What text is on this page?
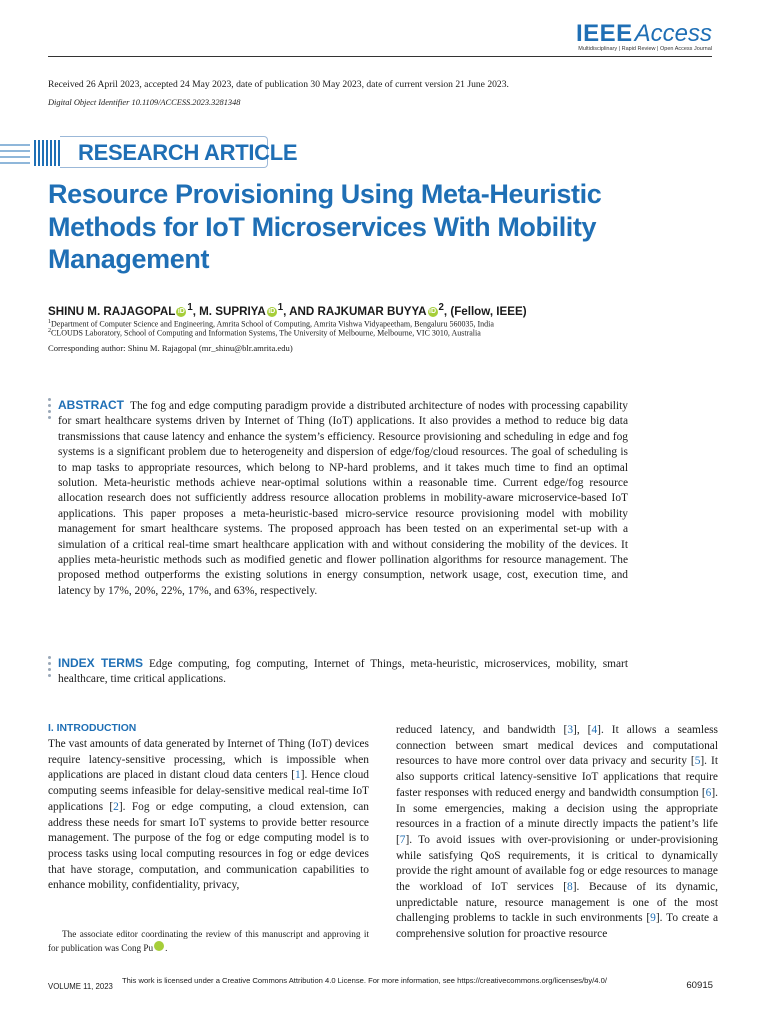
IEEEAccess
Multidisciplinary | Rapid Review | Open Access Journal
Received 26 April 2023, accepted 24 May 2023, date of publication 30 May 2023, date of current version 21 June 2023.
Digital Object Identifier 10.1109/ACCESS.2023.3281348
RESEARCH ARTICLE
Resource Provisioning Using Meta-Heuristic Methods for IoT Microservices With Mobility Management
SHINU M. RAJAGOPAL iD $^1$, M. SUPRIYA iD $^1$, AND RAJKUMAR BUYYA iD $^2$, (Fellow, IEEE)
$^1$Department of Computer Science and Engineering, Amrita School of Computing, Amrita Vishwa Vidyapeetham, Bengaluru 560035, India
$^2$CLOUDS Laboratory, School of Computing and Information Systems, The University of Melbourne, Melbourne, VIC 3010, Australia
Corresponding author: Shinu M. Rajagopal (mr_shinu@blr.amrita.edu)
ABSTRACT The fog and edge computing paradigm provide a distributed architecture of nodes with processing capability for smart healthcare systems driven by Internet of Thing (IoT) applications. It also provides a method to reduce big data transmissions that cause latency and enhance the system’s efficiency. Resource provisioning and scheduling in edge and fog systems is a significant problem due to heterogeneity and dispersion of edge/fog/cloud resources. The goal of scheduling is to map tasks to appropriate resources, which belong to NP-hard problems, and it takes much time to find an optimal solution. Meta-heuristic methods achieve near-optimal solutions within a reasonable time. Current edge/fog resource allocation research does not sufficiently address resource allocation problems in mobility-aware microservice-based IoT applications. This paper proposes a meta-heuristic-based micro-service resource provisioning model with mobility management for smart healthcare systems. The proposed approach has been tested on an experimental set-up with a simulation of a critical real-time smart healthcare application with and without considering the mobility of the devices. It applies meta-heuristic methods such as modified genetic and flower pollination algorithms for resource management. The proposed method outperforms the existing solutions in energy consumption, network usage, cost, execution time, and latency by 17%, 20%, 22%, 17%, and 63%, respectively.
INDEX TERMS Edge computing, fog computing, Internet of Things, meta-heuristic, microservices, mobility, smart healthcare, time critical applications.
I. INTRODUCTION
The vast amounts of data generated by Internet of Thing (IoT) devices require latency-sensitive processing, which is impossible when applications are placed in distant cloud data centers [1]. Hence cloud computing seems infeasible for delay-sensitive medical real-time IoT applications [2]. Fog or edge computing, a cloud extension, can address these needs for smart IoT systems to provide better resource management. The purpose of the fog or edge computing model is to process tasks using local computing resources in fog or edge devices that have storage, computation, and communication capabilities to enhance mobility, confidentiality, privacy,
reduced latency, and bandwidth [3], [4]. It allows a seamless connection between smart medical devices and computational resources to have more control over data privacy and security [5]. It also supports critical latency-sensitive IoT applications that require faster responses with reduced energy and bandwidth consumption [6]. In some emergencies, making a decision using the appropriate resources in a fraction of a minute directly impacts the patient’s life [7]. To avoid issues with over-provisioning or under-provisioning while satisfying QoS requirements, it is critical to dynamically provide the right amount of available fog or edge resources to manage the workload of IoT services [8]. Because of its dynamic, unpredictable nature, resource management is one of the most challenging problems to tackle in such environments [9]. To create a comprehensive solution for proactive resource
The associate editor coordinating the review of this manuscript and approving it for publication was Cong Pu iD.
VOLUME 11, 2023
This work is licensed under a Creative Commons Attribution 4.0 License. For more information, see https://creativecommons.org/licenses/by/4.0/	60915
